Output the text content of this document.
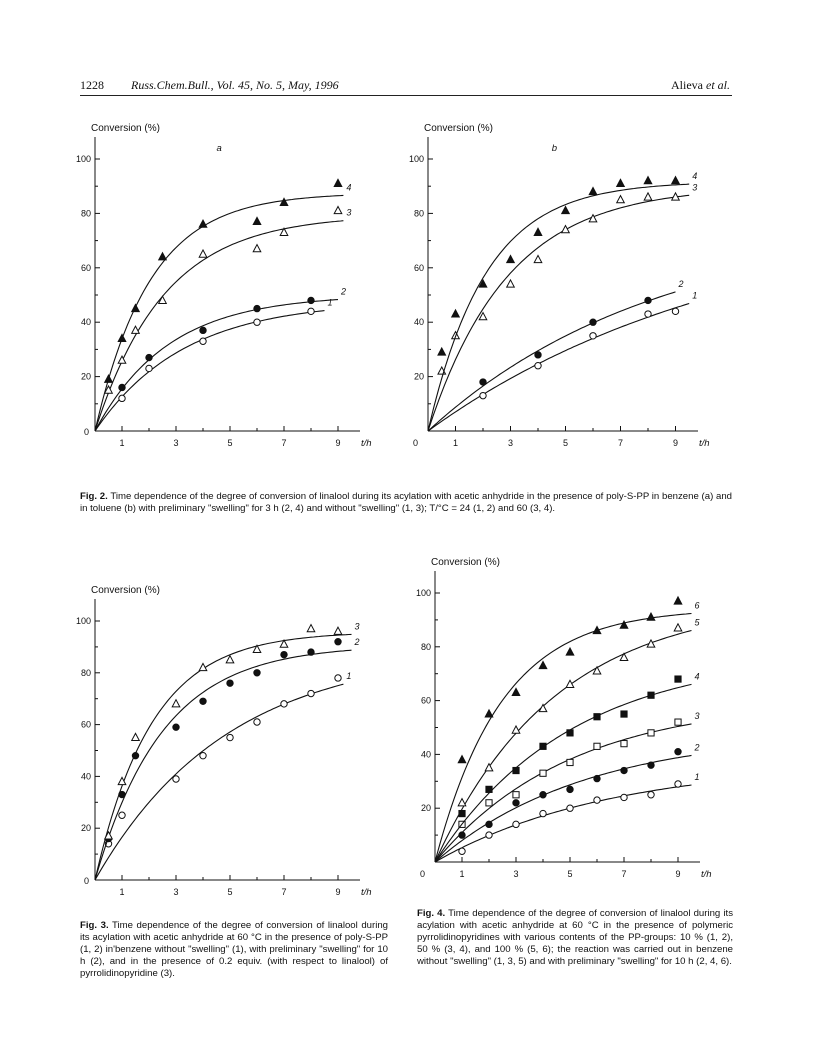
1228 Russ.Chem.Bull., Vol. 45, No. 5, May, 1996	Alieva et al.
1	3	5	7	9
20
40
60
80
100
0
Conversion (%)
t/h
a
1
2
3
4
1	3	5	7	9
20
40
60
80
100
0
Conversion (%)
t/h
b
1
2
3
4
Fig. 2. Time dependence of the degree of conversion of linalool during its acylation with acetic anhydride in the presence of poly-S-PP in benzene (a) and in toluene (b) with preliminary "swelling" for 3 h (2, 4) and without "swelling" (1, 3); T/°C = 24 (1, 2) and 60 (3, 4).
1	3	5	7	9
20
40
60
80
100
0
Conversion (%)
t/h
1
2
3
1	3	5	7	9
20
40
60
80
100
0
Conversion (%)
t/h
1
2
3
4
5
6
Fig. 3. Time dependence of the degree of conversion of linalool during its acylation with acetic anhydride at 60 °C in the presence of poly-S-PP (1, 2) in'benzene without "swelling" (1), with preliminary "swelling" for 10 h (2), and in the presence of 0.2 equiv. (with respect to linalool) of pyrrolidinopyridine (3).
Fig. 4. Time dependence of the degree of conversion of linalool during its acylation with acetic anhydride at 60 °C in the presence of polymeric pyrrolidinopyridines with various contents of the PP-groups: 10 % (1, 2), 50 % (3, 4), and 100 % (5, 6); the reaction was carried out in benzene without "swelling" (1, 3, 5) and with preliminary "swelling" for 10 h (2, 4, 6).
